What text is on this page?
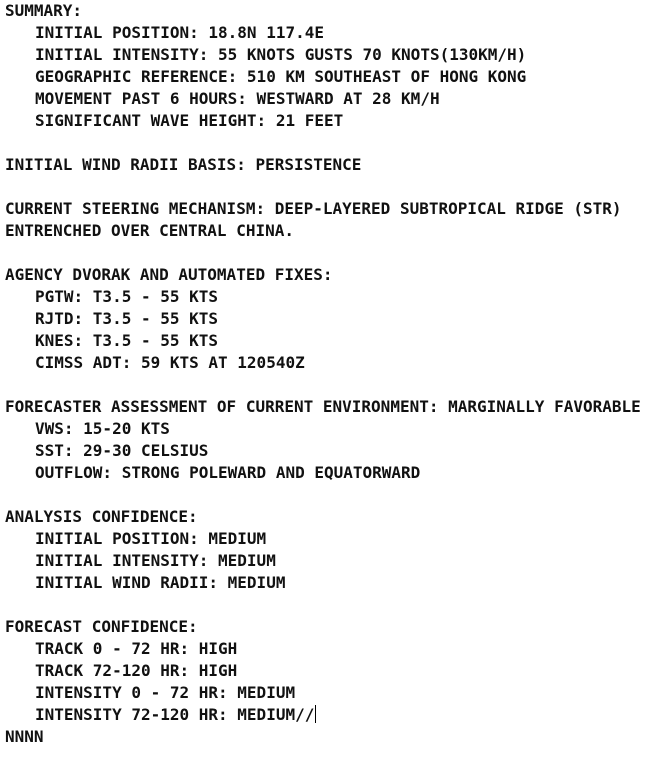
SUMMARY:
INITIAL POSITION: 18.8N 117.4E
INITIAL INTENSITY: 55 KNOTS GUSTS 70 KNOTS(130KM/H)
GEOGRAPHIC REFERENCE: 510 KM SOUTHEAST OF HONG KONG
MOVEMENT PAST 6 HOURS: WESTWARD AT 28 KM/H
SIGNIFICANT WAVE HEIGHT: 21 FEET
INITIAL WIND RADII BASIS: PERSISTENCE
CURRENT STEERING MECHANISM: DEEP-LAYERED SUBTROPICAL RIDGE (STR)
ENTRENCHED OVER CENTRAL CHINA.
AGENCY DVORAK AND AUTOMATED FIXES:
PGTW: T3.5 - 55 KTS
RJTD: T3.5 - 55 KTS
KNES: T3.5 - 55 KTS
CIMSS ADT: 59 KTS AT 120540Z
FORECASTER ASSESSMENT OF CURRENT ENVIRONMENT: MARGINALLY FAVORABLE
VWS: 15-20 KTS
SST: 29-30 CELSIUS
OUTFLOW: STRONG POLEWARD AND EQUATORWARD
ANALYSIS CONFIDENCE:
INITIAL POSITION: MEDIUM
INITIAL INTENSITY: MEDIUM
INITIAL WIND RADII: MEDIUM
FORECAST CONFIDENCE:
TRACK 0 - 72 HR: HIGH
TRACK 72-120 HR: HIGH
INTENSITY 0 - 72 HR: MEDIUM
INTENSITY 72-120 HR: MEDIUM//
NNNN
